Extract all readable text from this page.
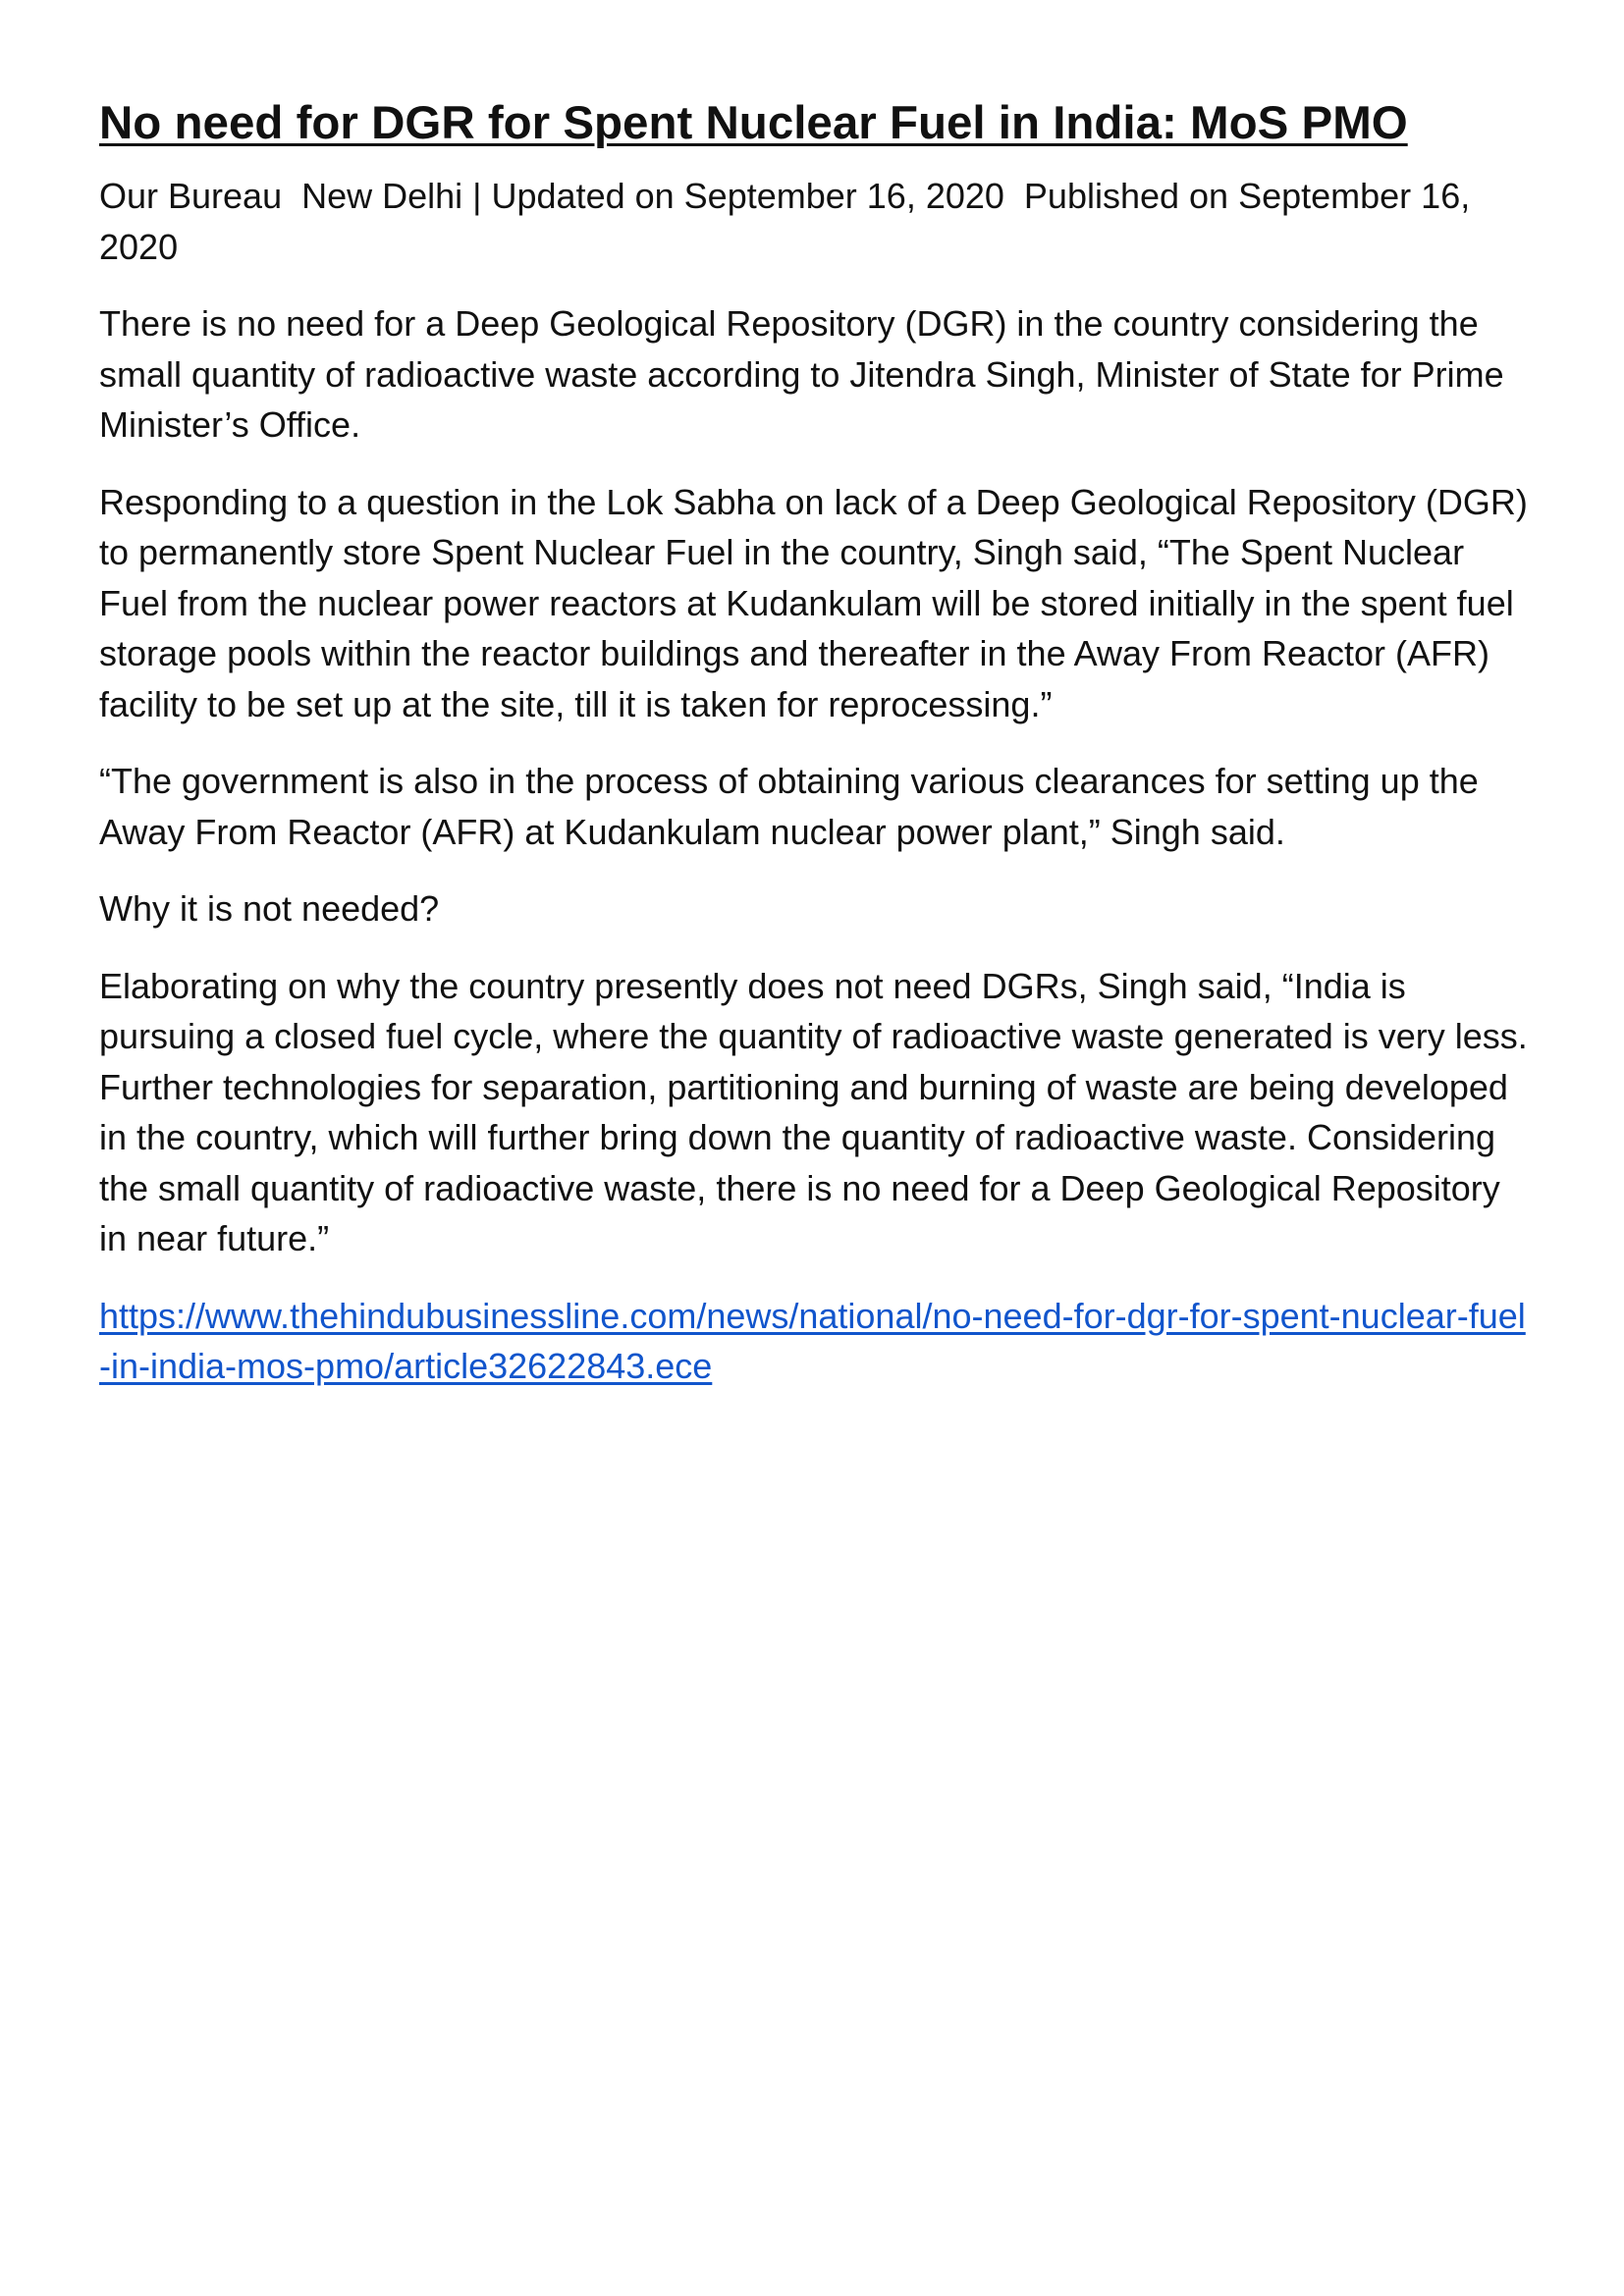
No need for DGR for Spent Nuclear Fuel in India: MoS PMO

Our Bureau  New Delhi | Updated on September 16, 2020  Published on September 16, 2020

There is no need for a Deep Geological Repository (DGR) in the country considering the small quantity of radioactive waste according to Jitendra Singh, Minister of State for Prime Minister’s Office.

Responding to a question in the Lok Sabha on lack of a Deep Geological Repository (DGR) to permanently store Spent Nuclear Fuel in the country, Singh said, “The Spent Nuclear Fuel from the nuclear power reactors at Kudankulam will be stored initially in the spent fuel storage pools within the reactor buildings and thereafter in the Away From Reactor (AFR) facility to be set up at the site, till it is taken for reprocessing.”

“The government is also in the process of obtaining various clearances for setting up the Away From Reactor (AFR) at Kudankulam nuclear power plant,” Singh said.

Why it is not needed?

Elaborating on why the country presently does not need DGRs, Singh said, “India is pursuing a closed fuel cycle, where the quantity of radioactive waste generated is very less. Further technologies for separation, partitioning and burning of waste are being developed in the country, which will further bring down the quantity of radioactive waste. Considering the small quantity of radioactive waste, there is no need for a Deep Geological Repository in near future.”

https://www.thehindubusinessline.com/news/national/no-need-for-dgr-for-spent-nuclear-fuel-in-india-mos-pmo/article32622843.ece
